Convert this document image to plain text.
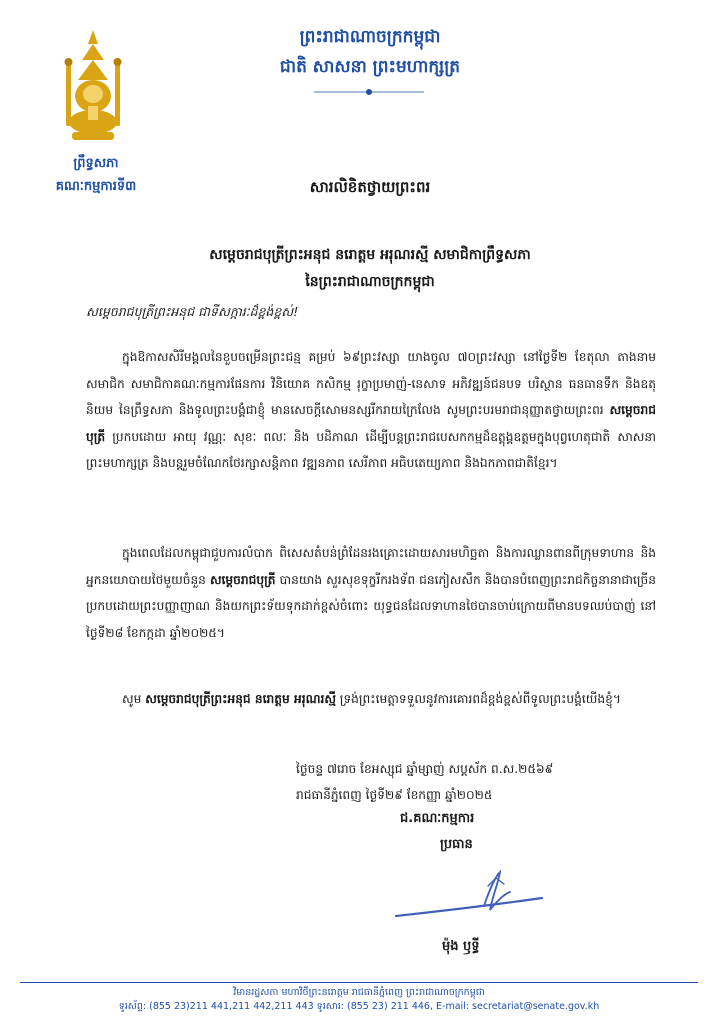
ព្រឹទ្ធសភា
គណៈកម្មការទី៣
ព្រះរាជាណាចក្រកម្ពុជា
ជាតិ សាសនា ព្រះមហាក្សត្រ
សារលិខិតថ្វាយព្រះពរ
សម្តេចរាជបុត្រីព្រះអនុជ នរោត្តម អរុណរស្មី សមាជិកាព្រឹទ្ធសភា
នៃព្រះរាជាណាចក្រកម្ពុជា
សម្តេចរាជបុត្រីព្រះអនុជ ជាទីសក្ការៈដ៏ខ្ពង់ខ្ពស់!

ក្នុងឱកាសសិរីមង្គលនៃខួបចម្រើនព្រះជន្ម គម្រប់ ៦៩ព្រះវស្សា យាងចូល ៧០ព្រះវស្សា នៅថ្ងៃទី២ ខែតុលា តាងនាមសមាជិក សមាជិកាគណៈកម្មការផែនការ វិនិយោគ កសិកម្ម រុក្ខាប្រមាញ់-នេសាទ អភិវឌ្ឍន៍ជនបទ បរិស្ថាន ធនធានទឹក និងឧតុនិយម នៃព្រឹទ្ធសភា និងទូលព្រះបង្គំជាខ្ញុំ មានសេចក្តីសោមនស្សរីករាយក្រៃលែង សូមព្រះបរមរាជានុញ្ញាតថ្វាយព្រះពរ សម្តេចរាជបុត្រី ប្រកបដោយ អាយុ វណ្ណៈ សុខៈ ពលៈ និង បដិភាណ ដើម្បីបន្តព្រះរាជបេសកកម្មដ៏ឧត្តុង្គឧត្តមក្នុងបុព្វហេតុជាតិ សាសនា ព្រះមហាក្សត្រ និងបន្តរួមចំណែកថែរក្សាសន្តិភាព វឌ្ឍនភាព សេរីភាព អធិបតេយ្យភាព និងឯកភាពជាតិខ្មែរ។

ក្នុងពេលដែលកម្ពុជាជួបការលំបាក ពិសេសតំបន់ព្រំដែនរងគ្រោះដោយសារមហិច្ឆតា និងការឈ្លានពានពីក្រុមទាហាន និងអ្នកនយោបាយថៃមួយចំនួន សម្តេចរាជបុត្រី បានយាង សួរសុខទុក្ខរីករងទ័ព ជនភៀសសឹក និងបានបំពេញព្រះរាជកិច្ចនានាជាច្រើន ប្រកបដោយព្រះបញ្ញាញាណ និងយកព្រះទ័យទុកដាក់ខ្ពស់ចំពោះ យុទ្ធជនដែលទាហានថៃបានចាប់ក្រោយពីមានបទឈប់បាញ់ នៅថ្ងៃទី២៨ ខែកក្កដា ឆ្នាំ២០២៥។

សូម សម្តេចរាជបុត្រីព្រះអនុជ នរោត្តម អរុណរស្មី ទ្រង់ព្រះមេត្តាទទួលនូវការគោរពដ៏ខ្ពង់ខ្ពស់ពីទូលព្រះបង្គំយើងខ្ញុំ។

ថ្ងៃចន្ទ ៧រោច ខែអស្សុជ ឆ្នាំម្សាញ់ សប្តស័ក ព.ស.២៥៦៩
រាជធានីភ្នំពេញ ថ្ងៃទី២៩ ខែកញ្ញា ឆ្នាំ២០២៥
ជ.គណៈកម្មការ
ប្រធាន
ម៉ុង ឫទ្ធី
វិមានរដ្ឋសភា មហាវិថីព្រះនរោត្តម រាជធានីភ្នំពេញ ព្រះរាជាណាចក្រកម្ពុជា
ទូរស័ព្ទ: (855 23)211 441,211 442,211 443 ទូរសារ: (855 23) 211 446, E-mail: secretariat@senate.gov.kh
